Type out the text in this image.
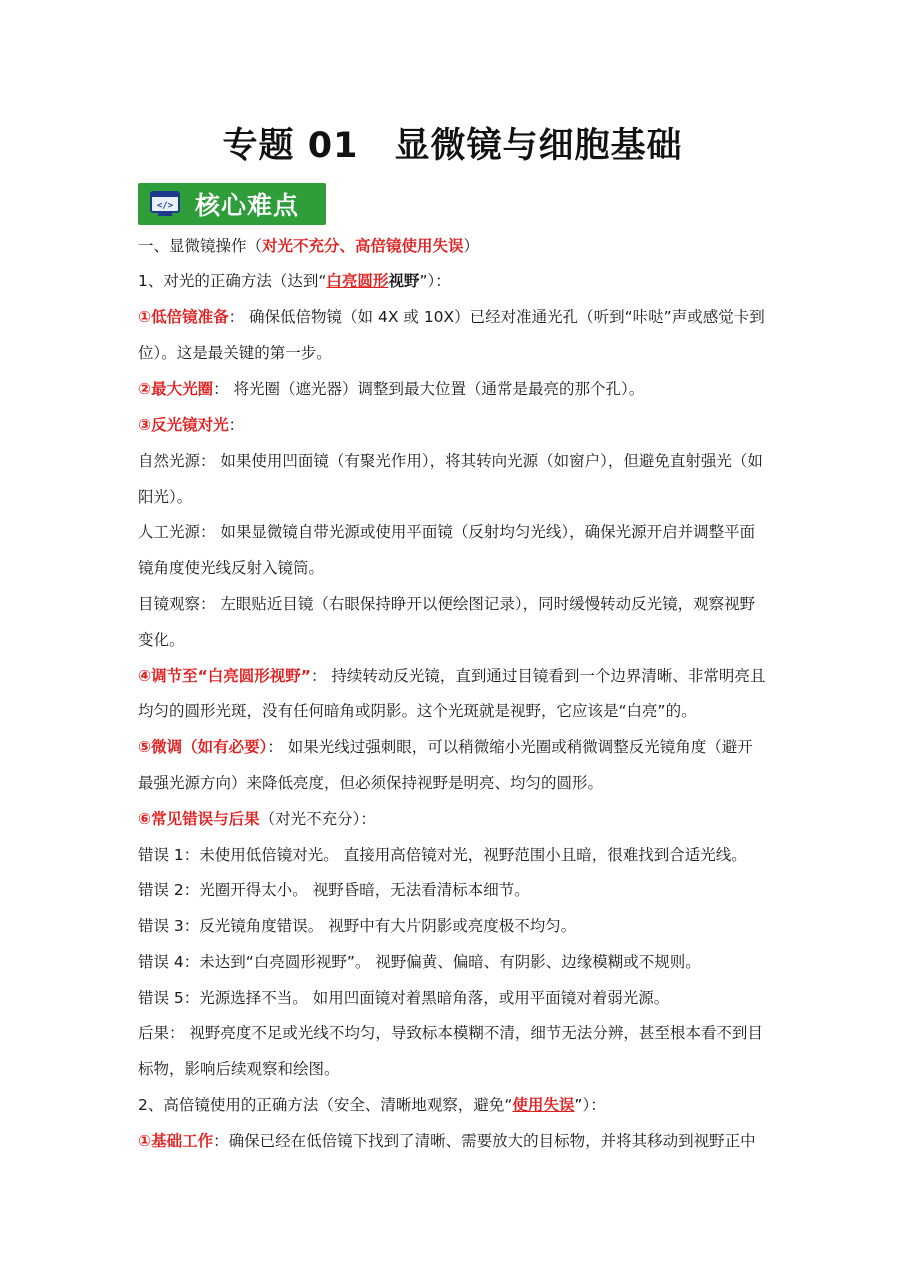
专题 01　显微镜与细胞基础
</> 核心难点
一、显微镜操作（对光不充分、高倍镜使用失误）
1、对光的正确方法（达到“白亮圆形视野”）：
①低倍镜准备： 确保低倍物镜（如 4X 或 10X）已经对准通光孔（听到“咔哒”声或感觉卡到
位）。这是最关键的第一步。
②最大光圈： 将光圈（遮光器）调整到最大位置（通常是最亮的那个孔）。
③反光镜对光：
自然光源： 如果使用凹面镜（有聚光作用），将其转向光源（如窗户），但避免直射强光（如
阳光）。
人工光源： 如果显微镜自带光源或使用平面镜（反射均匀光线），确保光源开启并调整平面
镜角度使光线反射入镜筒。
目镜观察： 左眼贴近目镜（右眼保持睁开以便绘图记录），同时缓慢转动反光镜，观察视野
变化。
④调节至“白亮圆形视野”： 持续转动反光镜，直到通过目镜看到一个边界清晰、非常明亮且
均匀的圆形光斑，没有任何暗角或阴影。这个光斑就是视野，它应该是“白亮”的。
⑤微调（如有必要）： 如果光线过强刺眼，可以稍微缩小光圈或稍微调整反光镜角度（避开
最强光源方向）来降低亮度，但必须保持视野是明亮、均匀的圆形。
⑥常见错误与后果（对光不充分）：
错误 1：未使用低倍镜对光。 直接用高倍镜对光，视野范围小且暗，很难找到合适光线。
错误 2：光圈开得太小。 视野昏暗，无法看清标本细节。
错误 3：反光镜角度错误。 视野中有大片阴影或亮度极不均匀。
错误 4：未达到“白亮圆形视野”。 视野偏黄、偏暗、有阴影、边缘模糊或不规则。
错误 5：光源选择不当。 如用凹面镜对着黑暗角落，或用平面镜对着弱光源。
后果： 视野亮度不足或光线不均匀，导致标本模糊不清，细节无法分辨，甚至根本看不到目
标物，影响后续观察和绘图。
2、高倍镜使用的正确方法（安全、清晰地观察，避免“使用失误”）：
①基础工作：确保已经在低倍镜下找到了清晰、需要放大的目标物，并将其移动到视野正中
